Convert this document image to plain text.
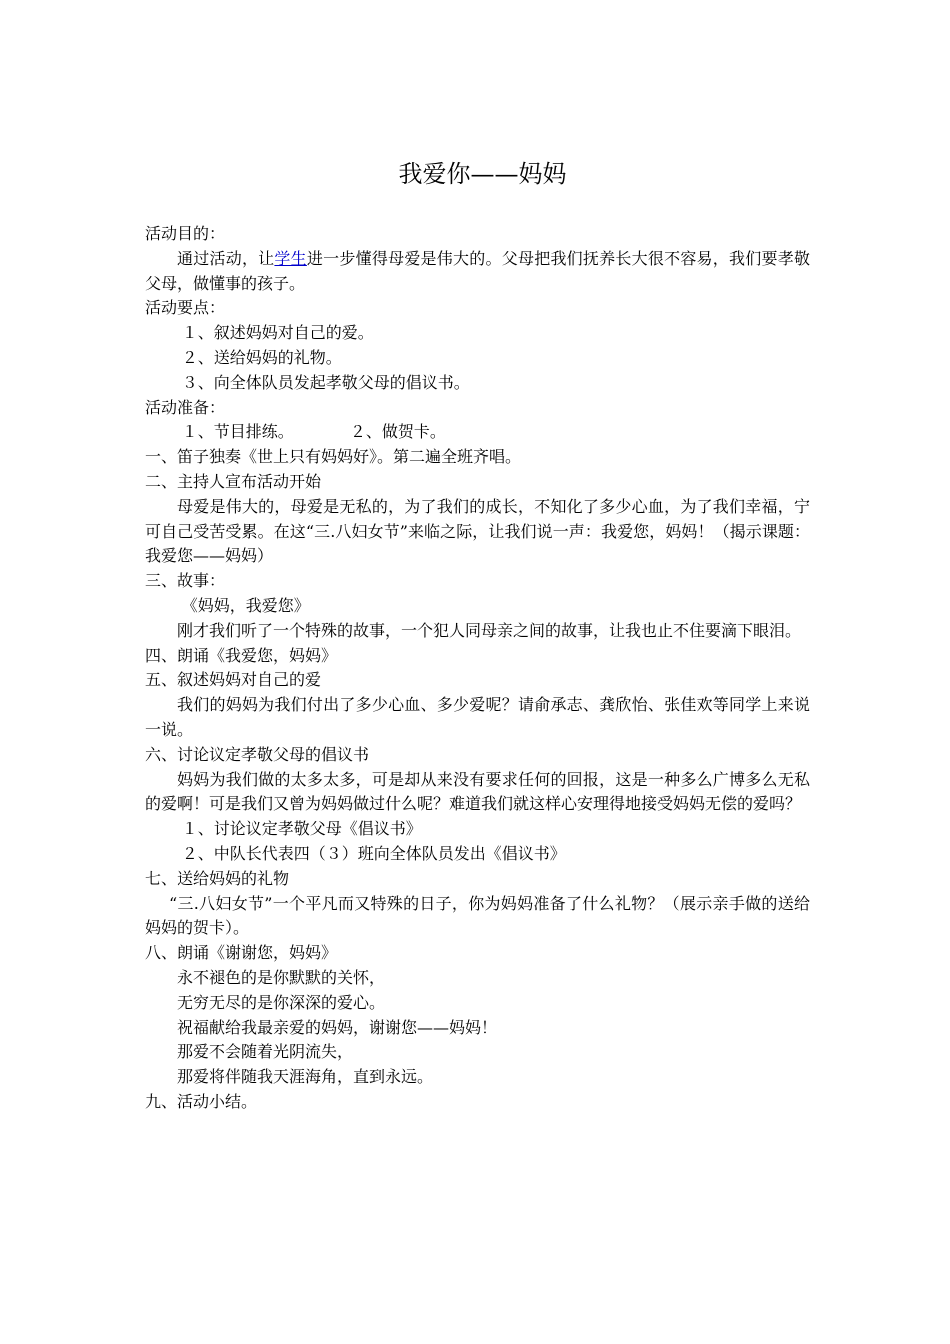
我爱你——妈妈

活动目的：

通过活动，让学生进一步懂得母爱是伟大的。父母把我们抚养长大很不容易，我们要孝敬父母，做懂事的孩子。

活动要点：

１、叙述妈妈对自己的爱。

２、送给妈妈的礼物。

３、向全体队员发起孝敬父母的倡议书。

活动准备：

１、节目排练。	２、做贺卡。

一、笛子独奏《世上只有妈妈好》。第二遍全班齐唱。

二、主持人宣布活动开始

母爱是伟大的，母爱是无私的，为了我们的成长，不知化了多少心血，为了我们幸福，宁可自己受苦受累。在这“三.八妇女节”来临之际，让我们说一声：我爱您，妈妈！（揭示课题：我爱您——妈妈）

三、故事：

《妈妈，我爱您》

刚才我们听了一个特殊的故事，一个犯人同母亲之间的故事，让我也止不住要滴下眼泪。

四、朗诵《我爱您，妈妈》

五、叙述妈妈对自己的爱

我们的妈妈为我们付出了多少心血、多少爱呢？请俞承志、龚欣怡、张佳欢等同学上来说一说。

六、讨论议定孝敬父母的倡议书

妈妈为我们做的太多太多，可是却从来没有要求任何的回报，这是一种多么广博多么无私的爱啊！可是我们又曾为妈妈做过什么呢？难道我们就这样心安理得地接受妈妈无偿的爱吗？

１、讨论议定孝敬父母《倡议书》

２、中队长代表四（３）班向全体队员发出《倡议书》

七、送给妈妈的礼物

“三.八妇女节”一个平凡而又特殊的日子，你为妈妈准备了什么礼物？（展示亲手做的送给妈妈的贺卡）。

八、朗诵《谢谢您，妈妈》

永不褪色的是你默默的关怀，

无穷无尽的是你深深的爱心。

祝福献给我最亲爱的妈妈，谢谢您——妈妈！

那爱不会随着光阴流失，

那爱将伴随我天涯海角，直到永远。

九、活动小结。
